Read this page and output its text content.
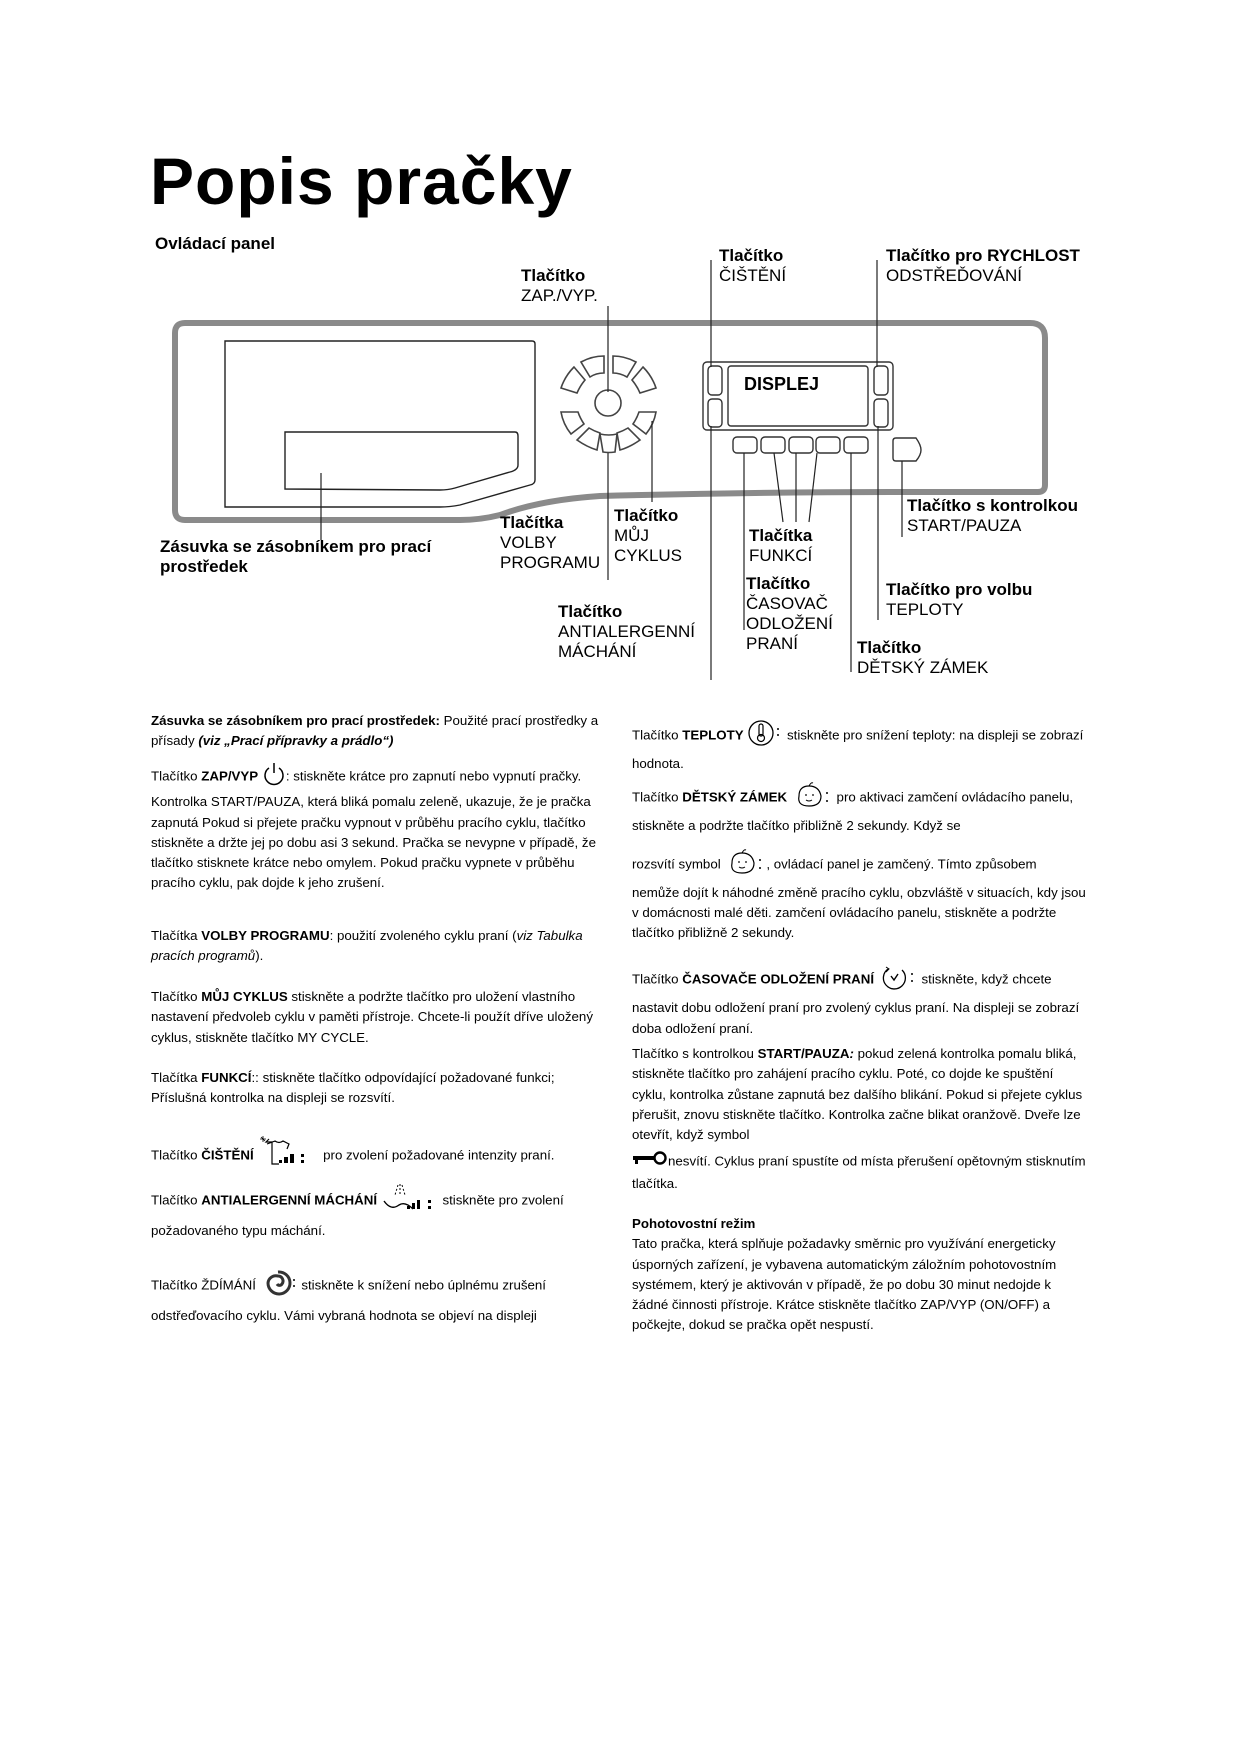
Popis pračky
Ovládací panel
DISPLEJ
Tlačítko
ZAP./VYP.
Tlačítko
ČIŠTĚNÍ
Tlačítko pro RYCHLOST
ODSTŘEĎOVÁNÍ
Tlačítko s kontrolkou
START/PAUZA
Zásuvka se zásobníkem pro prací
prostředek
Tlačítka
VOLBY
PROGRAMU
Tlačítko
MŮJ
CYKLUS
Tlačítka
FUNKCÍ
Tlačítko pro volbu
TEPLOTY
Tlačítko
ČASOVAČ
ODLOŽENÍ
PRANÍ
Tlačítko
ANTIALERGENNÍ
MÁCHÁNÍ	Tlačítko
DĚTSKÝ ZÁMEK
Zásuvka se zásobníkem pro prací prostředek: Použité prací prostředky a přísady (viz „Prací přípravky a prádlo“)
Tlačítko ZAP/VYP : stiskněte krátce pro zapnutí nebo vypnutí pračky. Kontrolka START/PAUZA, která bliká pomalu zeleně, ukazuje, že je pračka zapnutá Pokud si přejete pračku vypnout v průběhu pracího cyklu, tlačítko stiskněte a držte jej po dobu asi 3 sekund. Pračka se nevypne v případě, že tlačítko stisknete krátce nebo omylem. Pokud pračku vypnete v průběhu pracího cyklu, pak dojde k jeho zrušení.
Tlačítka VOLBY PROGRAMU: použití zvoleného cyklu praní (viz Tabulka pracích programů).
Tlačítko MŮJ CYKLUS stiskněte a podržte tlačítko pro uložení vlastního nastavení předvoleb cyklu v paměti přístroje. Chcete-li použít dříve uložený cyklus, stiskněte tlačítko MY CYCLE.
Tlačítka FUNKCÍ:: stiskněte tlačítko odpovídající požadované funkci; Příslušná kontrolka na displeji se rozsvítí.
Tlačítko ČIŠTĚNÍ	pro zvolení požadované intenzity praní.
Tlačítko ANTIALERGENNÍ MÁCHÁNÍ	stiskněte pro zvolení požadovaného typu máchání.
Tlačítko ŽDÍMÁNÍ	stiskněte k snížení nebo úplnému zrušení odstřeďovacího cyklu. Vámi vybraná hodnota se objeví na displeji
Tlačítko TEPLOTY	stiskněte pro snížení teploty: na displeji se zobrazí hodnota.
Tlačítko DĚTSKÝ ZÁMEK	pro aktivaci zamčení ovládacího panelu, stiskněte a podržte tlačítko přibližně 2 sekundy. Když se
rozsvítí symbol	, ovládací panel je zamčený. Tímto způsobem nemůže dojít k náhodné změně pracího cyklu, obzvláště v situacích, kdy jsou v domácnosti malé děti. zamčení ovládacího panelu, stiskněte a podržte tlačítko přibližně 2 sekundy.
Tlačítko ČASOVAČE ODLOŽENÍ PRANÍ	stiskněte, když chcete nastavit dobu odložení praní pro zvolený cyklus praní. Na displeji se zobrazí doba odložení praní.
Tlačítko s kontrolkou START/PAUZA: pokud zelená kontrolka pomalu bliká, stiskněte tlačítko pro zahájení pracího cyklu. Poté, co dojde ke spuštění cyklu, kontrolka zůstane zapnutá bez dalšího blikání. Pokud si přejete cyklus přerušit, znovu stiskněte tlačítko. Kontrolka začne blikat oranžově. Dveře lze otevřít, když symbol
nesvítí. Cyklus praní spustíte od místa přerušení opětovným stisknutím tlačítka.
Pohotovostní režim
Tato pračka, která splňuje požadavky směrnic pro využívání energeticky úsporných zařízení, je vybavena automatickým záložním pohotovostním systémem, který je aktivován v případě, že po dobu 30 minut nedojde k žádné činnosti přístroje. Krátce stiskněte tlačítko ZAP/VYP (ON/OFF) a počkejte, dokud se pračka opět nespustí.
